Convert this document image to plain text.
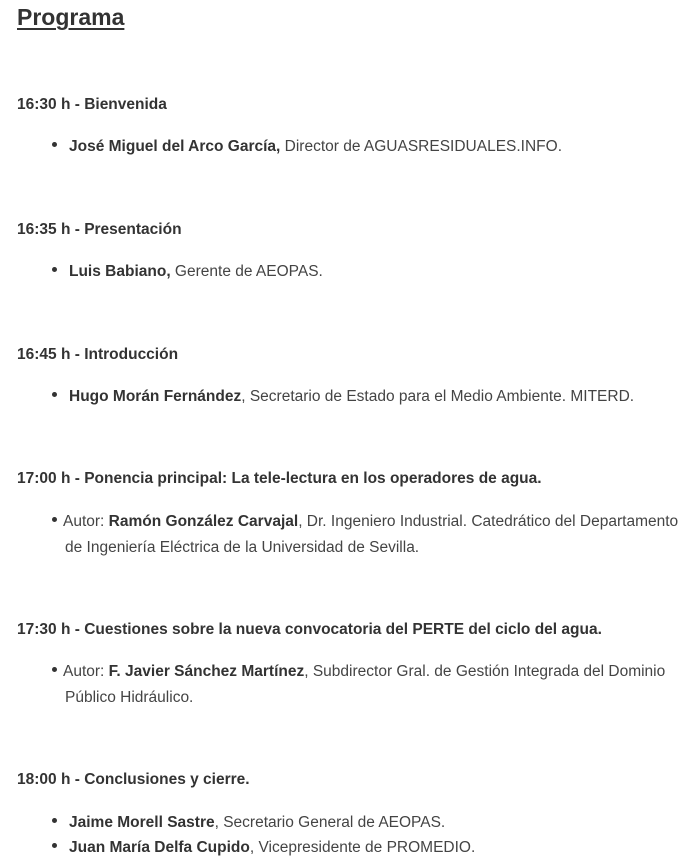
Programa
16:30 h - Bienvenida
José Miguel del Arco García, Director de AGUASRESIDUALES.INFO.
16:35 h - Presentación
Luis Babiano, Gerente de AEOPAS.
16:45 h - Introducción
Hugo Morán Fernández, Secretario de Estado para el Medio Ambiente. MITERD.
17:00 h - Ponencia principal: La tele-lectura en los operadores de agua.
Autor: Ramón González Carvajal, Dr. Ingeniero Industrial. Catedrático del Departamento de Ingeniería Eléctrica de la Universidad de Sevilla.
17:30 h - Cuestiones sobre la nueva convocatoria del PERTE del ciclo del agua.
Autor: F. Javier Sánchez Martínez, Subdirector Gral. de Gestión Integrada del Dominio Público Hidráulico.
18:00 h - Conclusiones y cierre.
Jaime Morell Sastre, Secretario General de AEOPAS.
Juan María Delfa Cupido, Vicepresidente de PROMEDIO.
